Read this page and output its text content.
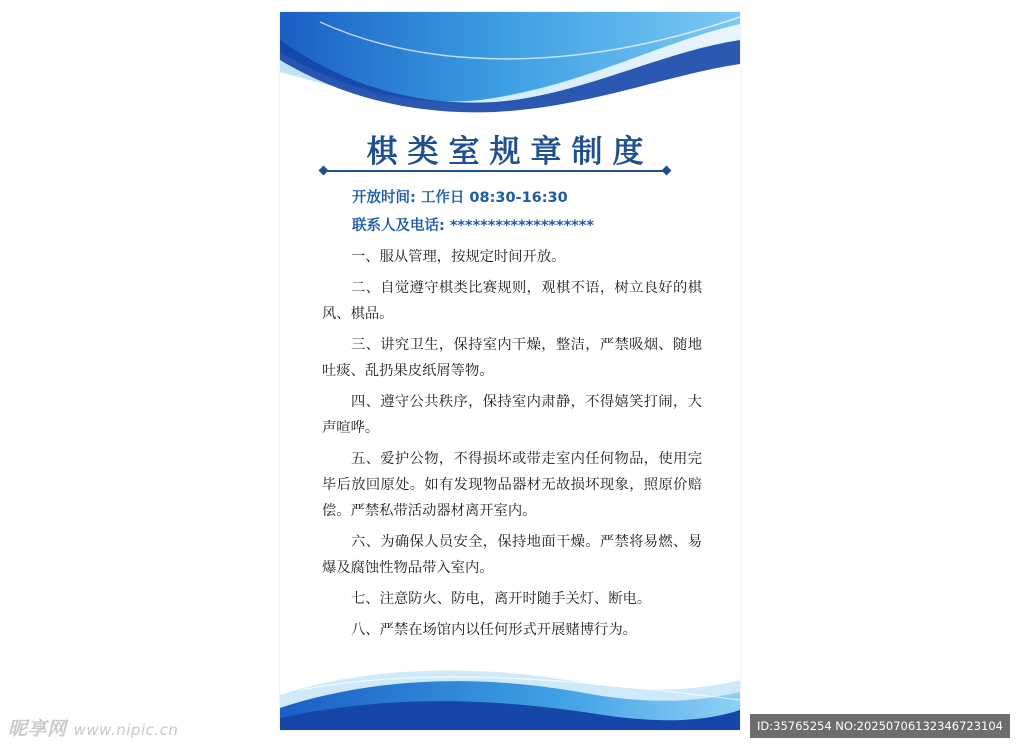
棋类室规章制度
开放时间: 工作日 08:30-16:30
联系人及电话: *******************
一、服从管理，按规定时间开放。
二、自觉遵守棋类比赛规则，观棋不语，树立良好的棋风、棋品。
三、讲究卫生，保持室内干燥，整洁，严禁吸烟、随地吐痰、乱扔果皮纸屑等物。
四、遵守公共秩序，保持室内肃静，不得嬉笑打闹，大声喧哗。
五、爱护公物，不得损坏或带走室内任何物品，使用完毕后放回原处。如有发现物品器材无故损坏现象，照原价赔偿。严禁私带活动器材离开室内。
六、为确保人员安全，保持地面干燥。严禁将易燃、易爆及腐蚀性物品带入室内。
七、注意防火、防电，离开时随手关灯、断电。
八、严禁在场馆内以任何形式开展赌博行为。
昵享网 www.nipic.cn	ID:35765254 NO:20250706132346723104
